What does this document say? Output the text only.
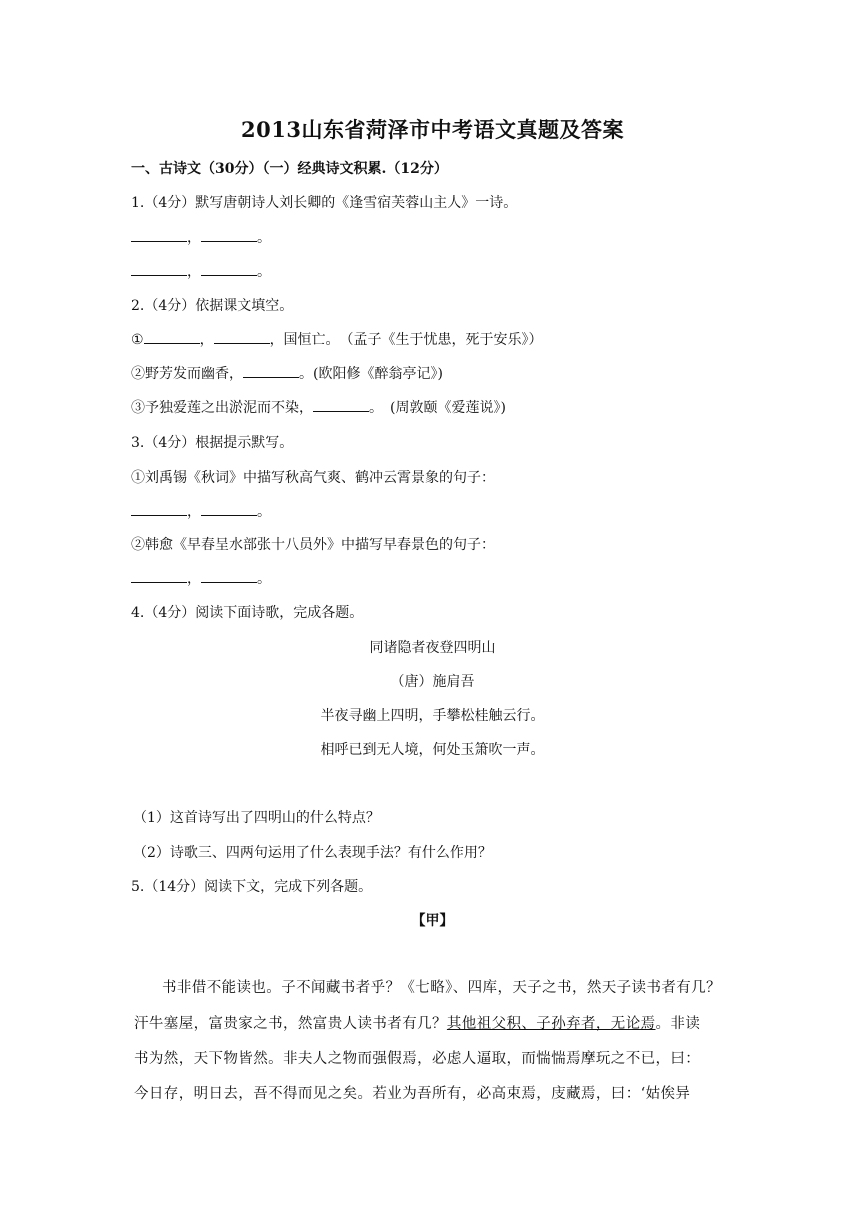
2013山东省菏泽市中考语文真题及答案
一、古诗文（30分）（一）经典诗文积累.（12分）
1.（4分）默写唐朝诗人刘长卿的《逢雪宿芙蓉山主人》一诗。
，	。
，	。
2.（4分）依据课文填空。
①	，	，国恒亡。　（孟子《生于忧患，死于安乐》）
②野芳发而幽香，	。(欧阳修《醉翁亭记》)
③予独爱莲之出淤泥而不染，	。　(周敦颐《爱莲说》)
3.（4分）根据提示默写。
①刘禹锡《秋词》中描写秋高气爽、鹤冲云霄景象的句子：
，	。
②韩愈《早春呈水部张十八员外》中描写早春景色的句子：
，	。
4.（4分）阅读下面诗歌，完成各题。
同诸隐者夜登四明山
（唐）施肩吾
半夜寻幽上四明，手攀松桂触云行。
相呼已到无人境，何处玉箫吹一声。
（1）这首诗写出了四明山的什么特点？
（2）诗歌三、四两句运用了什么表现手法？有什么作用？
5.（14分）阅读下文，完成下列各题。
【甲】
书非借不能读也。子不闻藏书者乎？《七略》、四库，天子之书，然天子读书者有几？
汗牛塞屋，富贵家之书，然富贵人读书者有几？其他祖父积、子孙弃者，无论焉。非读
书为然，天下物皆然。非夫人之物而强假焉，必虑人逼取，而惴惴焉摩玩之不已，曰：
今日存，明日去，吾不得而见之矣。若业为吾所有，必高束焉，庋藏焉，曰：‘姑俟异
